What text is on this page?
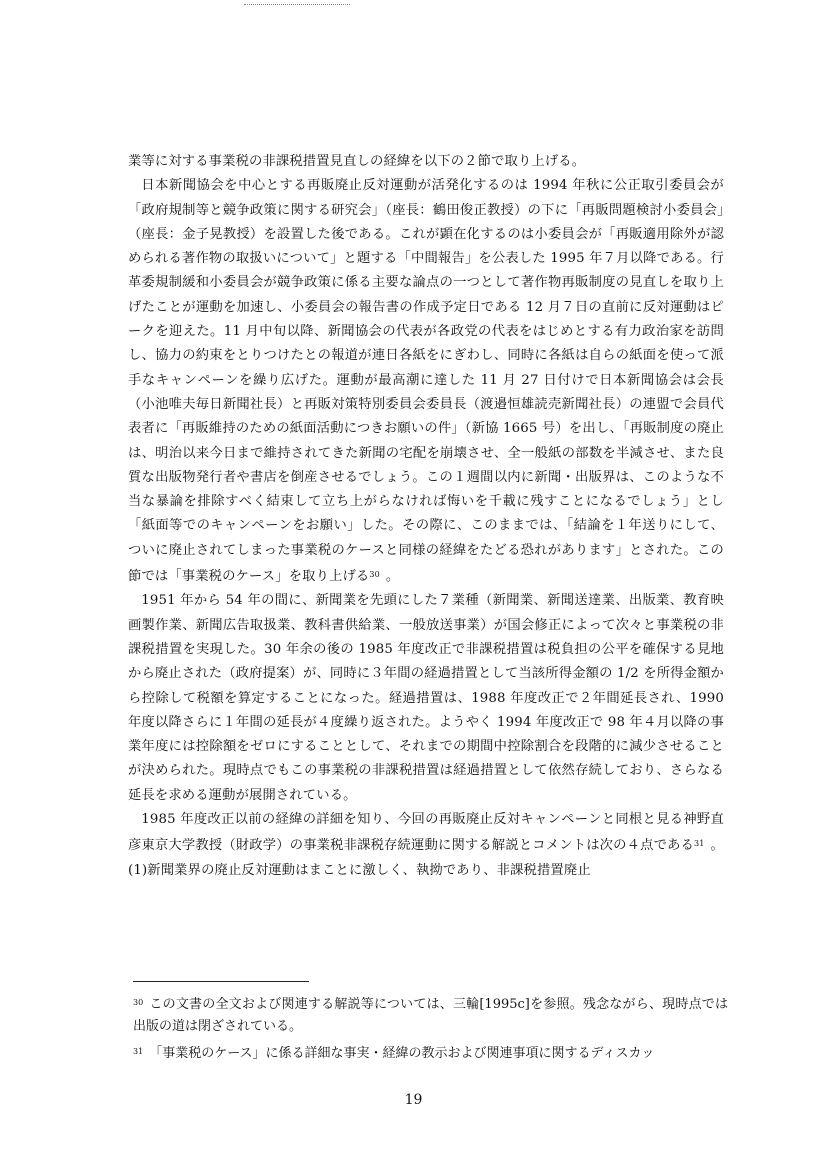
業等に対する事業税の非課税措置見直しの経緯を以下の２節で取り上げる。

日本新聞協会を中心とする再販廃止反対運動が活発化するのは 1994 年秋に公正取引委員会が「政府規制等と競争政策に関する研究会」（座長：鶴田俊正教授）の下に「再販問題検討小委員会」（座長：金子晃教授）を設置した後である。これが顕在化するのは小委員会が「再販適用除外が認められる著作物の取扱いについて」と題する「中間報告」を公表した 1995 年７月以降である。行革委規制緩和小委員会が競争政策に係る主要な論点の一つとして著作物再販制度の見直しを取り上げたことが運動を加速し、小委員会の報告書の作成予定日である 12 月７日の直前に反対運動はピークを迎えた。11 月中旬以降、新聞協会の代表が各政党の代表をはじめとする有力政治家を訪問し、協力の約束をとりつけたとの報道が連日各紙をにぎわし、同時に各紙は自らの紙面を使って派手なキャンペーンを繰り広げた。運動が最高潮に達した 11 月 27 日付けで日本新聞協会は会長（小池唯夫毎日新聞社長）と再販対策特別委員会委員長（渡邉恒雄読売新聞社長）の連盟で会員代表者に「再販維持のための紙面活動につきお願いの件」（新協 1665 号）を出し、「再販制度の廃止は、明治以来今日まで維持されてきた新聞の宅配を崩壊させ、全一般紙の部数を半減させ、また良質な出版物発行者や書店を倒産させるでしょう。この１週間以内に新聞・出版界は、このような不当な暴論を排除すべく結束して立ち上がらなければ悔いを千載に残すことになるでしょう」とし「紙面等でのキャンペーンをお願い」した。その際に、このままでは、「結論を１年送りにして、ついに廃止されてしまった事業税のケースと同様の経緯をたどる恐れがあります」とされた。この節では「事業税のケース」を取り上げる$^{30}$ 。

1951 年から 54 年の間に、新聞業を先頭にした７業種（新聞業、新聞送達業、出版業、教育映画製作業、新聞広告取扱業、教科書供給業、一般放送事業）が国会修正によって次々と事業税の非課税措置を実現した。30 年余の後の 1985 年度改正で非課税措置は税負担の公平を確保する見地から廃止された（政府提案）が、同時に３年間の経過措置として当該所得金額の 1/2 を所得金額から控除して税額を算定することになった。経過措置は、1988 年度改正で２年間延長され、1990 年度以降さらに１年間の延長が４度繰り返された。ようやく 1994 年度改正で 98 年４月以降の事業年度には控除額をゼロにすることとして、それまでの期間中控除割合を段階的に減少させることが決められた。現時点でもこの事業税の非課税措置は経過措置として依然存続しており、さらなる延長を求める運動が展開されている。

1985 年度改正以前の経緯の詳細を知り、今回の再販廃止反対キャンペーンと同根と見る神野直彦東京大学教授（財政学）の事業税非課税存続運動に関する解説とコメントは次の４点である$^{31}$ 。(1)新聞業界の廃止反対運動はまことに激しく、執拗であり、非課税措置廃止

$^{30}$ この文書の全文および関連する解説等については、三輪[1995c]を参照。残念ながら、現時点では出版の道は閉ざされている。

$^{31}$ 「事業税のケース」に係る詳細な事実・経緯の教示および関連事項に関するディスカッ

19
